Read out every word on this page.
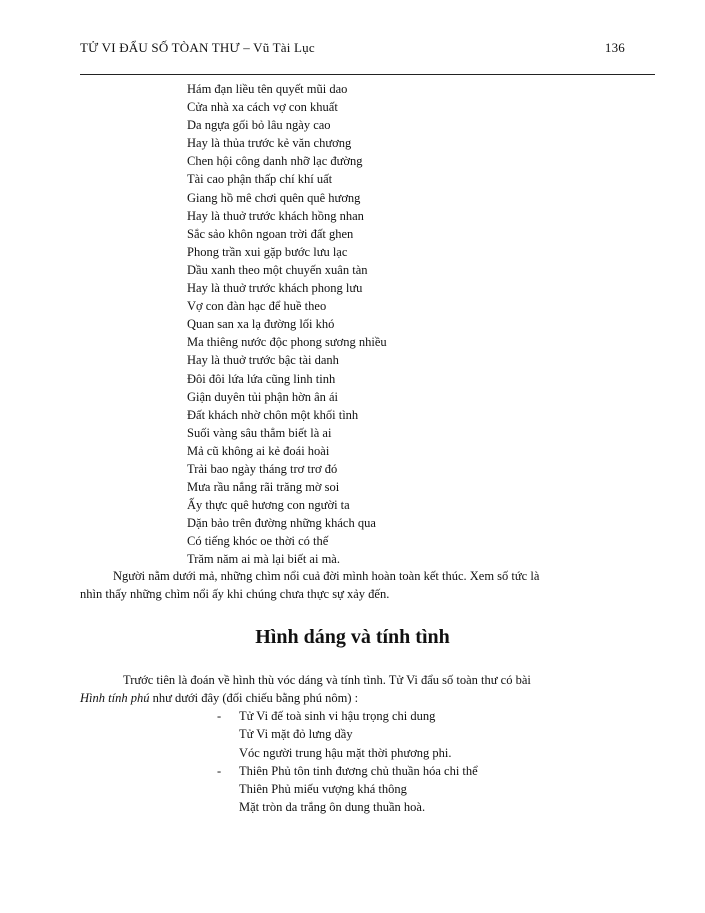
TỬ VI ĐẨU SỐ TÒAN THƯ – Vũ Tài Lục	136
Hám đạn liều tên quyết mũi dao
Cửa nhà xa cách vợ con khuất
Da ngựa gối bỏ lâu ngày cao
Hay là thủa trước kẻ văn chương
Chen hội công danh nhỡ lạc đường
Tài cao phận thấp chí khí uất
Giang hồ mê chơi quên quê hương
Hay là thuở trước khách hồng nhan
Sắc sảo khôn ngoan trời đất ghen
Phong trần xui gặp bước lưu lạc
Dầu xanh theo một chuyến xuân tàn
Hay là thuở trước khách phong lưu
Vợ con đàn hạc để huề theo
Quan san xa lạ đường lối khó
Ma thiêng nước độc phong sương nhiều
Hay là thuở trước bậc tài danh
Đôi đôi lứa lứa cũng linh tinh
Giận duyên tủi phận hờn ân ái
Đất khách nhờ chôn một khối tình
Suối vàng sâu thẳm biết là ai
Mả cũ không ai kẻ đoái hoài
Trải bao ngày tháng trơ trơ đó
Mưa rầu nắng rãi trăng mờ soi
Ấy thực quê hương con người ta
Dặn bảo trên đường những khách qua
Có tiếng khóc oe thời có thế
Trăm năm ai mà lại biết ai mà.
Người nằm dưới mả, những chìm nổi cuả đời mình hoàn toàn kết thúc. Xem số tức là
nhìn thấy những chìm nổi ấy khi chúng chưa thực sự xảy đến.
Hình dáng và tính tình
Trước tiên là đoán về hình thù vóc dáng và tính tình. Tử Vi đẩu số toàn thư có bài
Hình tính phú như dưới đây (đối chiếu bằng phú nôm) :
- Tử Vi đế toà sinh vi hậu trọng chi dung
Tử Vi mặt đỏ lưng dầy
Vóc người trung hậu mặt thời phương phi.
- Thiên Phủ tôn tinh đương chủ thuần hóa chi thể
Thiên Phủ miếu vượng khá thông
Mặt tròn da trắng ôn dung thuần hoà.
